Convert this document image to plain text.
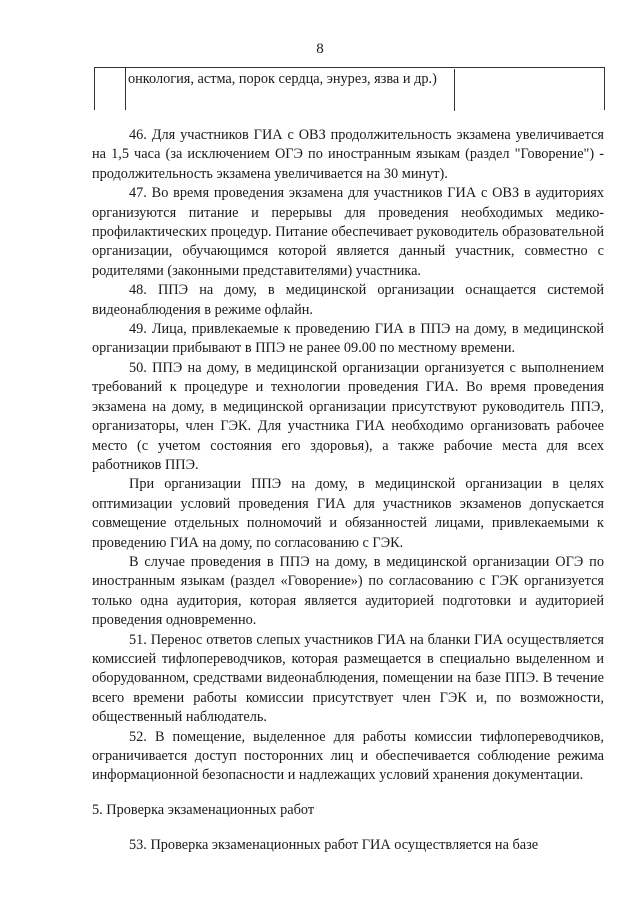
8
онкология, астма, порок сердца, энурез, язва и др.)

46. Для участников ГИА с ОВЗ продолжительность экзамена увеличивается на 1,5 часа (за исключением ОГЭ по иностранным языкам (раздел "Говорение") - продолжительность экзамена увеличивается на 30 минут).

47. Во время проведения экзамена для участников ГИА с ОВЗ в аудиториях организуются питание и перерывы для проведения необходимых медико-профилактических процедур. Питание обеспечивает руководитель образовательной организации, обучающимся которой является данный участник, совместно с родителями (законными представителями) участника.

48. ППЭ на дому, в медицинской организации оснащается системой видеонаблюдения в режиме офлайн.

49. Лица, привлекаемые к проведению ГИА в ППЭ на дому, в медицинской организации прибывают в ППЭ не ранее 09.00 по местному времени.

50. ППЭ на дому, в медицинской организации организуется с выполнением требований к процедуре и технологии проведения ГИА. Во время проведения экзамена на дому, в медицинской организации присутствуют руководитель ППЭ, организаторы, член ГЭК. Для участника ГИА необходимо организовать рабочее место (с учетом состояния его здоровья), а также рабочие места для всех работников ППЭ.

При организации ППЭ на дому, в медицинской организации в целях оптимизации условий проведения ГИА для участников экзаменов допускается совмещение отдельных полномочий и обязанностей лицами, привлекаемыми к проведению ГИА на дому, по согласованию с ГЭК.

В случае проведения в ППЭ на дому, в медицинской организации ОГЭ по иностранным языкам (раздел «Говорение») по согласованию с ГЭК организуется только одна аудитория, которая является аудиторией подготовки и аудиторией проведения одновременно.

51. Перенос ответов слепых участников ГИА на бланки ГИА осуществляется комиссией тифлопереводчиков, которая размещается в специально выделенном и оборудованном, средствами видеонаблюдения, помещении на базе ППЭ. В течение всего времени работы комиссии присутствует член ГЭК и, по возможности, общественный наблюдатель.

52. В помещение, выделенное для работы комиссии тифлопереводчиков, ограничивается доступ посторонних лиц и обеспечивается соблюдение режима информационной безопасности и надлежащих условий хранения документации.

5. Проверка экзаменационных работ

53. Проверка экзаменационных работ ГИА осуществляется на базе
